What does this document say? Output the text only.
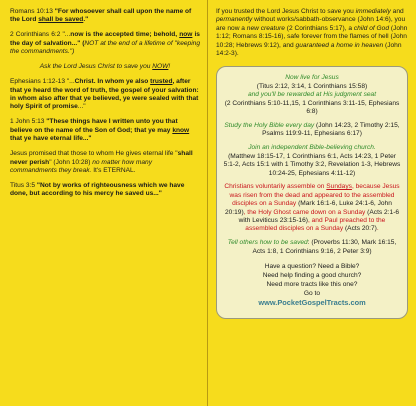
Romans 10:13 "For whosoever shall call upon the name of the Lord shall be saved."

2 Corinthians 6:2 "...now is the accepted time; behold, now is the day of salvation..." (NOT at the end of a lifetime of "keeping the commandments.")

Ask the Lord Jesus Christ to save you NOW!

Ephesians 1:12-13 "...Christ. In whom ye also trusted, after that ye heard the word of truth, the gospel of your salvation: in whom also after that ye believed, ye were sealed with that holy Spirit of promise..."

1 John 5:13 "These things have I written unto you that believe on the name of the Son of God; that ye may know that ye have eternal life..."

Jesus promised that those to whom He gives eternal life "shall never perish" (John 10:28) no matter how many commandments they break. It's ETERNAL.

Titus 3:5 "Not by works of righteousness which we have done, but according to his mercy he saved us..."

If you trusted the Lord Jesus Christ to save you immediately and permanently without works/sabbath-observance (John 14:6), you are now a new creature (2 Corinthians 5:17), a child of God (John 1:12; Romans 8:15-16), safe forever from the flames of hell (John 10:28; Hebrews 9:12), and guaranteed a home in heaven (John 14:2-3).

Now live for Jesus
(Titus 2:12, 3:14, 1 Corinthians 15:58)
and you'll be rewarded at His judgment seat
(2 Corinthians 5:10-11,15, 1 Corinthians 3:11-15, Ephesians 6:8)
Study the Holy Bible every day (John 14:23, 2 Timothy 2:15, Psalms 119:9-11, Ephesians 6:17)
Join an independent Bible-believing church.
(Matthew 18:15-17, 1 Corinthians 6:1, Acts 14:23, 1 Peter 5:1-2, Acts 15:1 with 1 Timothy 3:2, Revelation 1-3, Hebrews 10:24-25, Ephesians 4:11-12)
Christians voluntarily assemble on Sundays, because Jesus was risen from the dead and appeared to the assembled disciples on a Sunday (Mark 16:1-6, Luke 24:1-6, John 20:19), the Holy Ghost came down on a Sunday (Acts 2:1-6 with Leviticus 23:15-16), and Paul preached to the assembled disciples on a Sunday (Acts 20:7).
Tell others how to be saved: (Proverbs 11:30, Mark 16:15, Acts 1:8, 1 Corinthians 9:16, 2 Peter 3:9)
Have a question? Need a Bible?
Need help finding a good church?
Need more tracts like this one?
Go to
www.PocketGospelTracts.com
